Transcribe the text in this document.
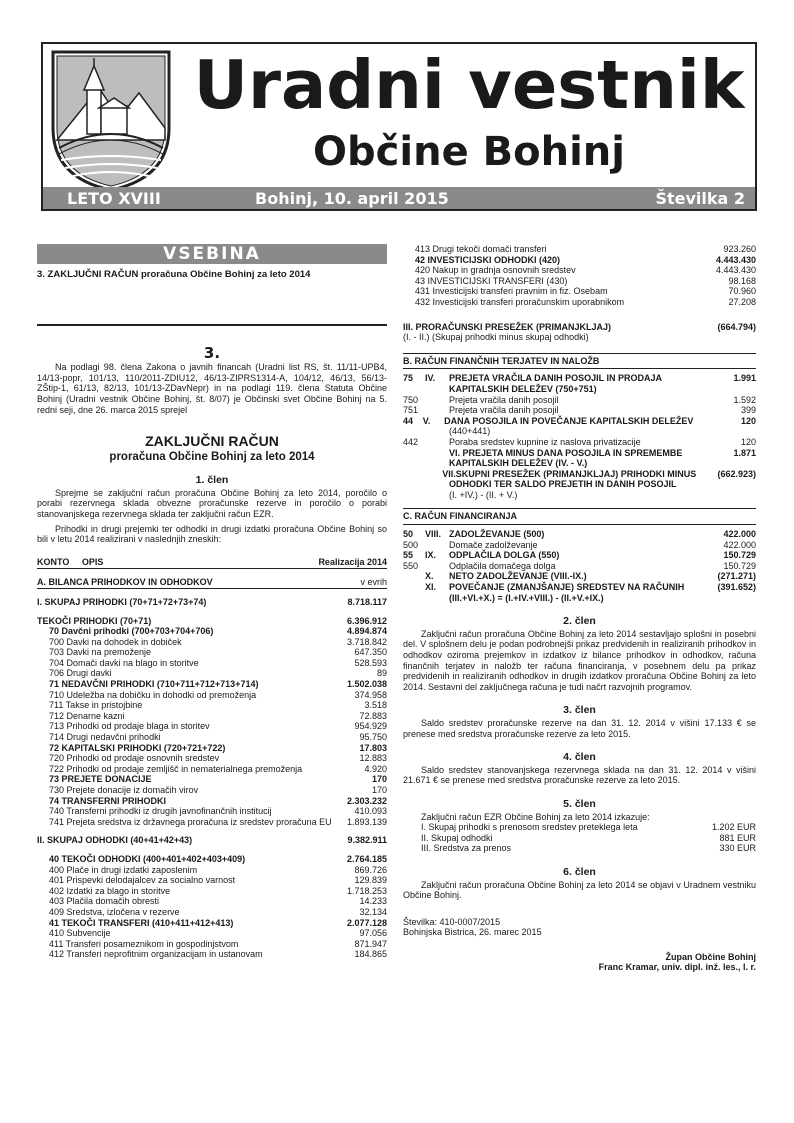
Uradni vestnik
Občine Bohinj
LETO XVIII	Bohinj, 10. april 2015	Številka 2
VSEBINA
3. ZAKLJUČNI RAČUN proračuna Občine Bohinj za leto 2014
3.
Na podlagi 98. člena Zakona o javnih financah (Uradni list RS, št. 11/11-UPB4, 14/13-popr, 101/13, 110/2011-ZDIU12, 46/13-ZIPRS1314-A, 104/12, 46/13, 56/13-ZŠtip-1, 61/13, 82/13, 101/13-ZDavNepr) in na podlagi 119. člena Statuta Občine Bohinj (Uradni vestnik Občine Bohinj, št. 8/07) je Občinski svet Občine Bohinj na 5. redni seji, dne 26. marca 2015 sprejel
ZAKLJUČNI RAČUN
proračuna Občine Bohinj za leto 2014
1. člen
Sprejme se zaključni račun proračuna Občine Bohinj za leto 2014, poročilo o porabi rezervnega sklada obvezne proračunske rezerve in poročilo o porabi stanovanjskega rezervnega sklada ter zaključni račun EZR.
Prihodki in drugi prejemki ter odhodki in drugi izdatki proračuna Občine Bohinj so bili v letu 2014 realizirani v naslednjih zneskih:
KONTO OPIS	Realizacija 2014
A. BILANCA PRIHODKOV IN ODHODKOV	v evrih
I. SKUPAJ PRIHODKI (70+71+72+73+74)	8.718.117
TEKOČI PRIHODKI (70+71)	6.396.912
70 Davčni prihodki (700+703+704+706)	4.894.874
700 Davki na dohodek in dobiček	3.718.842
703 Davki na premoženje	647.350
704 Domači davki na blago in storitve	528.593
706 Drugi davki	89
71 NEDAVČNI PRIHODKI (710+711+712+713+714)	1.502.038
710 Udeležba na dobičku in dohodki od premoženja	374.958
711 Takse in pristojbine	3.518
712 Denarne kazni	72.883
713 Prihodki od prodaje blaga in storitev	954.929
714 Drugi nedavčni prihodki	95.750
72 KAPITALSKI PRIHODKI (720+721+722)	17.803
720 Prihodki od prodaje osnovnih sredstev	12.883
722 Prihodki od prodaje zemljišč in nematerialnega premoženja	4.920
73 PREJETE DONACIJE	170
730 Prejete donacije iz domačih virov	170
74 TRANSFERNI PRIHODKI	2.303.232
740 Transferni prihodki iz drugih javnofinančnih institucij	410.093
741 Prejeta sredstva iz državnega proračuna iz sredstev proračuna EU 1.893.139
II. SKUPAJ ODHODKI (40+41+42+43)	9.382.911
40 TEKOČI ODHODKI (400+401+402+403+409)	2.764.185
400 Plače in drugi izdatki zaposlenim	869.726
401 Prispevki delodajalcev za socialno varnost	129.839
402 Izdatki za blago in storitve	1.718.253
403 Plačila domačih obresti	14.233
409 Sredstva, izločena v rezerve	32.134
41 TEKOČI TRANSFERI (410+411+412+413)	2.077.128
410 Subvencije	97.056
411 Transferi posameznikom in gospodinjstvom	871.947
412 Transferi neprofitnim organizacijam in ustanovam	184.865
413 Drugi tekoči domači transferi	923.260
42 INVESTICIJSKI ODHODKI (420)	4.443.430
420 Nakup in gradnja osnovnih sredstev	4.443.430
43 INVESTICIJSKI TRANSFERI (430)	98.168
431 Investicijski transferi pravnim in fiz. Osebam	70.960
432 Investicijski transferi proračunskim uporabnikom	27.208
III. PRORAČUNSKI PRESEŽEK (PRIMANJKLJAJ)	(664.794)
(I. - II.) (Skupaj prihodki minus skupaj odhodki)
B. RAČUN FINANČNIH TERJATEV IN NALOŽB
75	IV.	PREJETA VRAČILA DANIH POSOJIL IN PRODAJA	1.991
KAPITALSKIH DELEŽEV (750+751)
750	Prejeta vračila danih posojil	1.592
751	Prejeta vračila danih posojil	399
44	V.	DANA POSOJILA IN POVEČANJE KAPITALSKIH DELEŽEV	120
(440+441)
442	Poraba sredstev kupnine iz naslova privatizacije	120
VI. PREJETA MINUS DANA POSOJILA IN SPREMEMBE	1.871
KAPITALSKIH DELEŽEV (IV. - V.)
VII.SKUPNI PRESEŽEK (PRIMANJKLJAJ) PRIHODKI MINUS	(662.923)
ODHODKI TER SALDO PREJETIH IN DANIH POSOJIL
(I. +IV.) - (II. + V.)
C. RAČUN FINANCIRANJA
50	VIII. ZADOLŽEVANJE (500)	422.000
500	Domače zadolževanje	422.000
55	IX.	ODPLAČILA DOLGA (550)	150.729
550	Odplačila domačega dolga	150.729
X.	NETO ZADOLŽEVANJE (VIII.-IX.)	(271.271)
XI.	POVEČANJE (ZMANJŠANJE) SREDSTEV NA RAČUNIH	(391.652)
(III.+VI.+X.) = (I.+IV.+VIII.) - (II.+V.+IX.)
2. člen
Zaključni račun proračuna Občine Bohinj za leto 2014 sestavljajo splošni in posebni del. V splošnem delu je podan podrobnejši prikaz predvidenih in realiziranih prihodkov in odhodkov oziroma prejemkov in izdatkov iz bilance prihodkov in odhodkov, računa finančnih terjatev in naložb ter računa financiranja, v posebnem delu pa prikaz predvidenih in realiziranih odhodkov in drugih izdatkov proračuna Občine Bohinj za leto 2014. Sestavni del zaključnega računa je tudi načrt razvojnih programov.
3. člen
Saldo sredstev proračunske rezerve na dan 31. 12. 2014 v višini 17.133 € se prenese med sredstva proračunske rezerve za leto 2015.
4. člen
Saldo sredstev stanovanjskega rezervnega sklada na dan 31. 12. 2014 v višini 21.671 € se prenese med sredstva proračunske rezerve za leto 2015.
5. člen
Zaključni račun EZR Občine Bohinj za leto 2014 izkazuje:
I. Skupaj prihodki s prenosom sredstev preteklega leta	1.202 EUR
II. Skupaj odhodki	881 EUR
III. Sredstva za prenos	330 EUR
6. člen
Zaključni račun proračuna Občine Bohinj za leto 2014 se objavi v Uradnem vestniku Občine Bohinj.
Številka: 410-0007/2015
Bohinjska Bistrica, 26. marec 2015
Župan Občine Bohinj
Franc Kramar, univ. dipl. inž. les., l. r.
